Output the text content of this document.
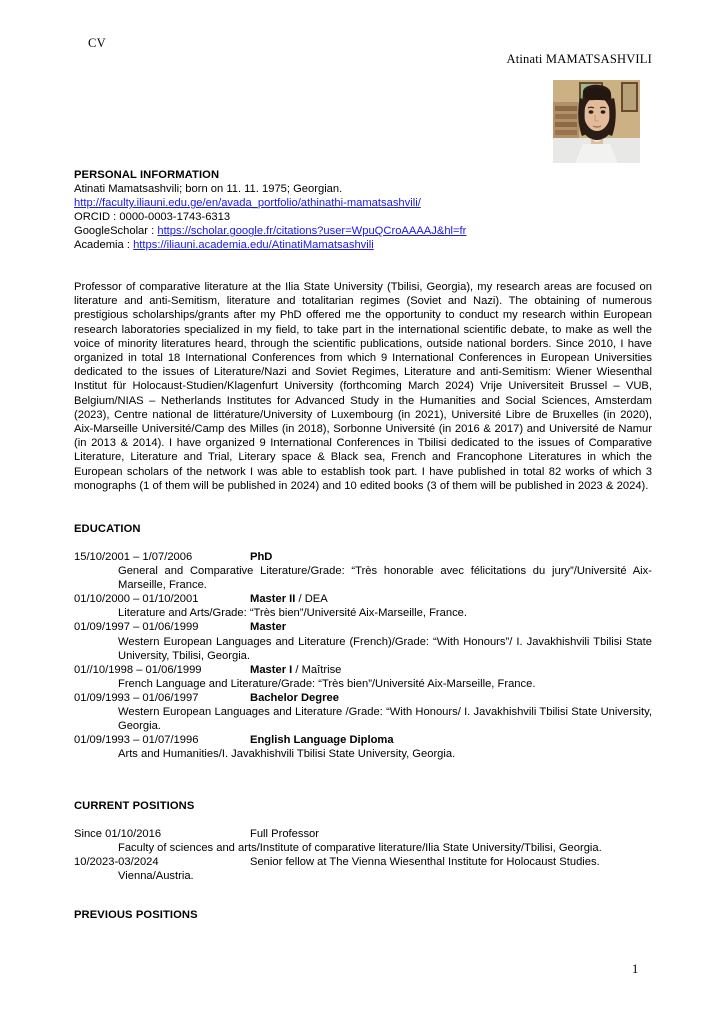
CV
Atinati MAMATSASHVILI

PERSONAL INFORMATION

Atinati Mamatsashvili; born on 11. 11. 1975; Georgian.

http://faculty.iliauni.edu.ge/en/avada_portfolio/athinathi-mamatsashvili/

ORCID : 0000-0003-1743-6313

GoogleScholar : https://scholar.google.fr/citations?user=WpuQCroAAAAJ&hl=fr

Academia : https://iliauni.academia.edu/AtinatiMamatsashvili

Professor of comparative literature at the Ilia State University (Tbilisi, Georgia), my research areas are focused on literature and anti-Semitism, literature and totalitarian regimes (Soviet and Nazi). The obtaining of numerous prestigious scholarships/grants after my PhD offered me the opportunity to conduct my research within European research laboratories specialized in my field, to take part in the international scientific debate, to make as well the voice of minority literatures heard, through the scientific publications, outside national borders. Since 2010, I have organized in total 18 International Conferences from which 9 International Conferences in European Universities dedicated to the issues of Literature/Nazi and Soviet Regimes, Literature and anti-Semitism: Wiener Wiesenthal Institut für Holocaust-Studien/Klagenfurt University (forthcoming March 2024) Vrije Universiteit Brussel – VUB, Belgium/NIAS – Netherlands Institutes for Advanced Study in the Humanities and Social Sciences, Amsterdam (2023), Centre national de littérature/University of Luxembourg (in 2021), Université Libre de Bruxelles (in 2020), Aix-Marseille Université/Camp des Milles (in 2018), Sorbonne Université (in 2016 & 2017) and Université de Namur (in 2013 & 2014). I have organized 9 International Conferences in Tbilisi dedicated to the issues of Comparative Literature, Literature and Trial, Literary space & Black sea, French and Francophone Literatures in which the European scholars of the network I was able to establish took part. I have published in total 82 works of which 3 monographs (1 of them will be published in 2024) and 10 edited books (3 of them will be published in 2023 & 2024).

EDUCATION

15/10/2001 – 1/07/2006	PhD

General and Comparative Literature/Grade: “Très honorable avec félicitations du jury”/Université Aix-Marseille, France.

01/10/2000 – 01/10/2001	Master II / DEA

Literature and Arts/Grade: “Très bien”/Université Aix-Marseille, France.

01/09/1997 – 01/06/1999	Master

Western European Languages and Literature (French)/Grade: “With Honours”/ I. Javakhishvili Tbilisi State University, Tbilisi, Georgia.

01//10/1998 – 01/06/1999	Master I / Maîtrise

French Language and Literature/Grade: “Très bien”/Université Aix-Marseille, France.

01/09/1993 – 01/06/1997	Bachelor Degree

Western European Languages and Literature /Grade: “With Honours/ I. Javakhishvili Tbilisi State University, Georgia.

01/09/1993 – 01/07/1996	English Language Diploma

Arts and Humanities/I. Javakhishvili Tbilisi State University, Georgia.

CURRENT POSITIONS

Since 01/10/2016	Full Professor

Faculty of sciences and arts/Institute of comparative literature/Ilia State University/Tbilisi, Georgia.

10/2023-03/2024	Senior fellow at The Vienna Wiesenthal Institute for Holocaust Studies.

Vienna/Austria.

PREVIOUS POSITIONS

1
